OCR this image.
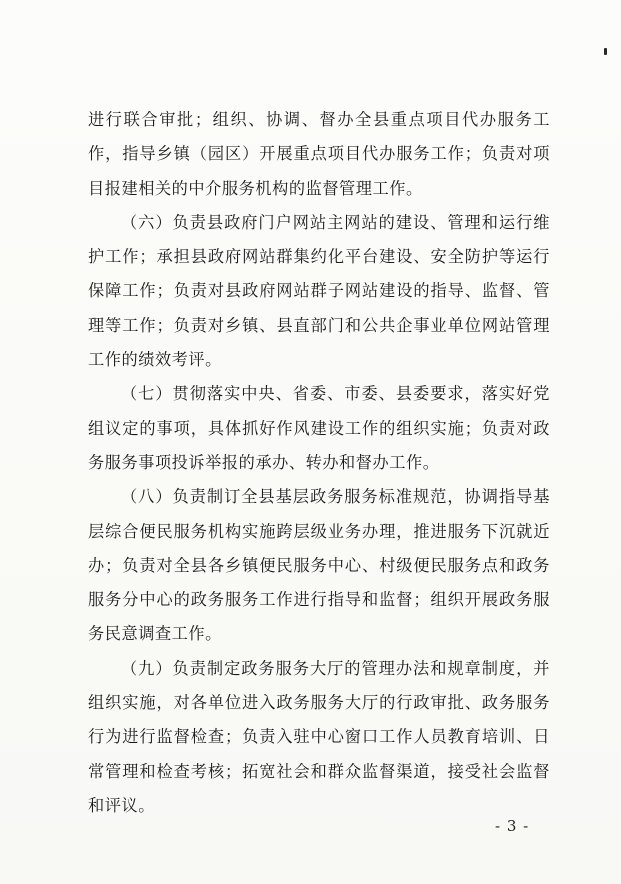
进行联合审批；组织、协调、督办全县重点项目代办服务工作，指导乡镇（园区）开展重点项目代办服务工作；负责对项目报建相关的中介服务机构的监督管理工作。

（六）负责县政府门户网站主网站的建设、管理和运行维护工作；承担县政府网站群集约化平台建设、安全防护等运行保障工作；负责对县政府网站群子网站建设的指导、监督、管理等工作；负责对乡镇、县直部门和公共企事业单位网站管理工作的绩效考评。

（七）贯彻落实中央、省委、市委、县委要求，落实好党组议定的事项，具体抓好作风建设工作的组织实施；负责对政务服务事项投诉举报的承办、转办和督办工作。

（八）负责制订全县基层政务服务标准规范，协调指导基层综合便民服务机构实施跨层级业务办理，推进服务下沉就近办；负责对全县各乡镇便民服务中心、村级便民服务点和政务服务分中心的政务服务工作进行指导和监督；组织开展政务服务民意调查工作。

（九）负责制定政务服务大厅的管理办法和规章制度，并组织实施，对各单位进入政务服务大厅的行政审批、政务服务行为进行监督检查；负责入驻中心窗口工作人员教育培训、日常管理和检查考核；拓宽社会和群众监督渠道，接受社会监督和评议。

- 3 -
